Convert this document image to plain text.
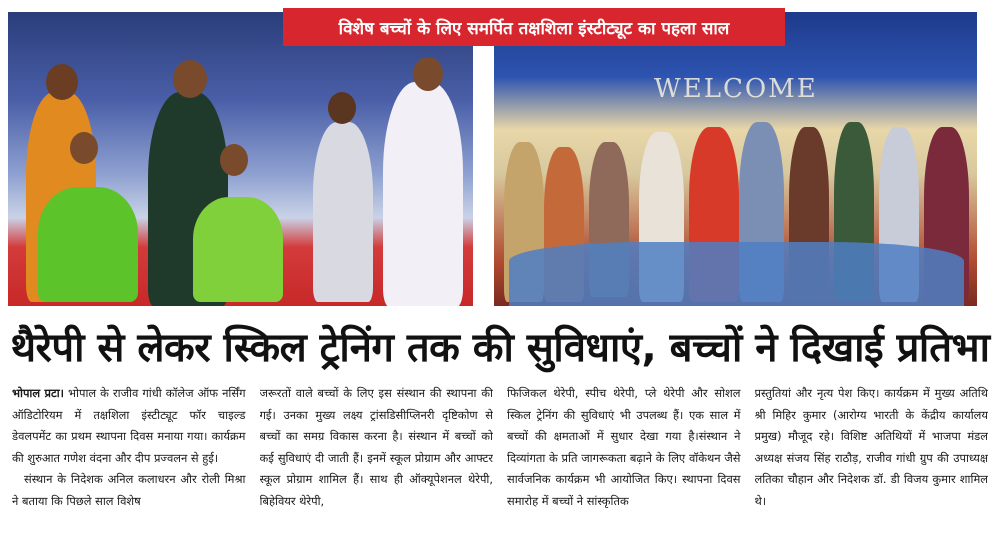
विशेष बच्चों के लिए समर्पित तक्षशिला इंस्टीट्यूट का पहला साल
WELCOME
थैरेपी से लेकर स्किल ट्रेनिंग तक की सुविधाएं, बच्चों ने दिखाई प्रतिभा

भोपाल प्रटा। भोपाल के राजीव गांधी कॉलेज ऑफ नर्सिंग ऑडिटोरियम में तक्षशिला इंस्टीट्यूट फॉर चाइल्ड डेवलपमेंट का प्रथम स्थापना दिवस मनाया गया। कार्यक्रम की शुरुआत गणेश वंदना और दीप प्रज्वलन से हुई।

संस्थान के निदेशक अनिल कलाधरन और रोली मिश्रा ने बताया कि पिछले साल विशेष

जरूरतों वाले बच्चों के लिए इस संस्थान की स्थापना की गई। उनका मुख्य लक्ष्य ट्रांसडिसीप्लिनरी दृष्टिकोण से बच्चों का समग्र विकास करना है। संस्थान में बच्चों को कई सुविधाएं दी जाती हैं। इनमें स्कूल प्रोग्राम और आफ्टर स्कूल प्रोग्राम शामिल हैं। साथ ही ऑक्यूपेशनल थेरेपी, बिहेवियर थेरेपी,

फिजिकल थेरेपी, स्पीच थेरेपी, प्ले थेरेपी और सोशल स्किल ट्रेनिंग की सुविधाएं भी उपलब्ध हैं। एक साल में बच्चों की क्षमताओं में सुधार देखा गया है।संस्थान ने दिव्यांगता के प्रति जागरूकता बढ़ाने के लिए वॉकेथन जैसे सार्वजनिक कार्यक्रम भी आयोजित किए। स्थापना दिवस समारोह में बच्चों ने सांस्कृतिक

प्रस्तुतियां और नृत्य पेश किए। कार्यक्रम में मुख्य अतिथि श्री मिहिर कुमार (आरोग्य भारती के केंद्रीय कार्यालय प्रमुख) मौजूद रहे। विशिष्ट अतिथियों में भाजपा मंडल अध्यक्ष संजय सिंह राठौड़, राजीव गांधी ग्रुप की उपाध्यक्ष लतिका चौहान और निदेशक डॉ. डी विजय कुमार शामिल थे।
